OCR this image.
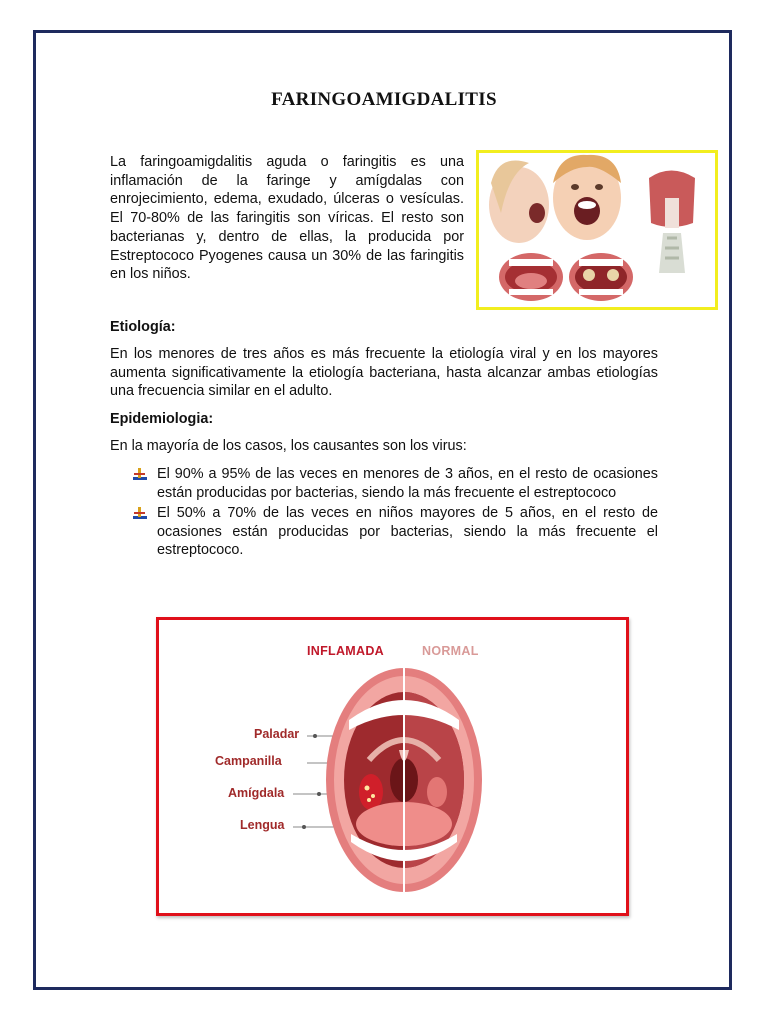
FARINGOAMIGDALITIS
La faringoamigdalitis aguda o faringitis es una inflamación de la faringe y amígdalas con enrojecimiento, edema, exudado, úlceras o vesículas. El 70-80% de las faringitis son víricas. El resto son bacterianas y, dentro de ellas, la producida por Estreptococo Pyogenes causa un 30% de las faringitis en los niños.
Etiología:
En los menores de tres años es más frecuente la etiología viral y en los mayores aumenta significativamente la etiología bacteriana, hasta alcanzar ambas etiologías una frecuencia similar en el adulto.
Epidemiologia:
En la mayoría de los casos, los causantes son los virus:
El 90% a 95% de las veces en menores de 3 años, en el resto de ocasiones están producidas por bacterias, siendo la más frecuente el estreptococo
El 50% a 70% de las veces en niños mayores de 5 años, en el resto de ocasiones están producidas por bacterias, siendo la más frecuente el estreptococo.
INFLAMADA	NORMAL
Paladar
Campanilla
Amígdala
Lengua
